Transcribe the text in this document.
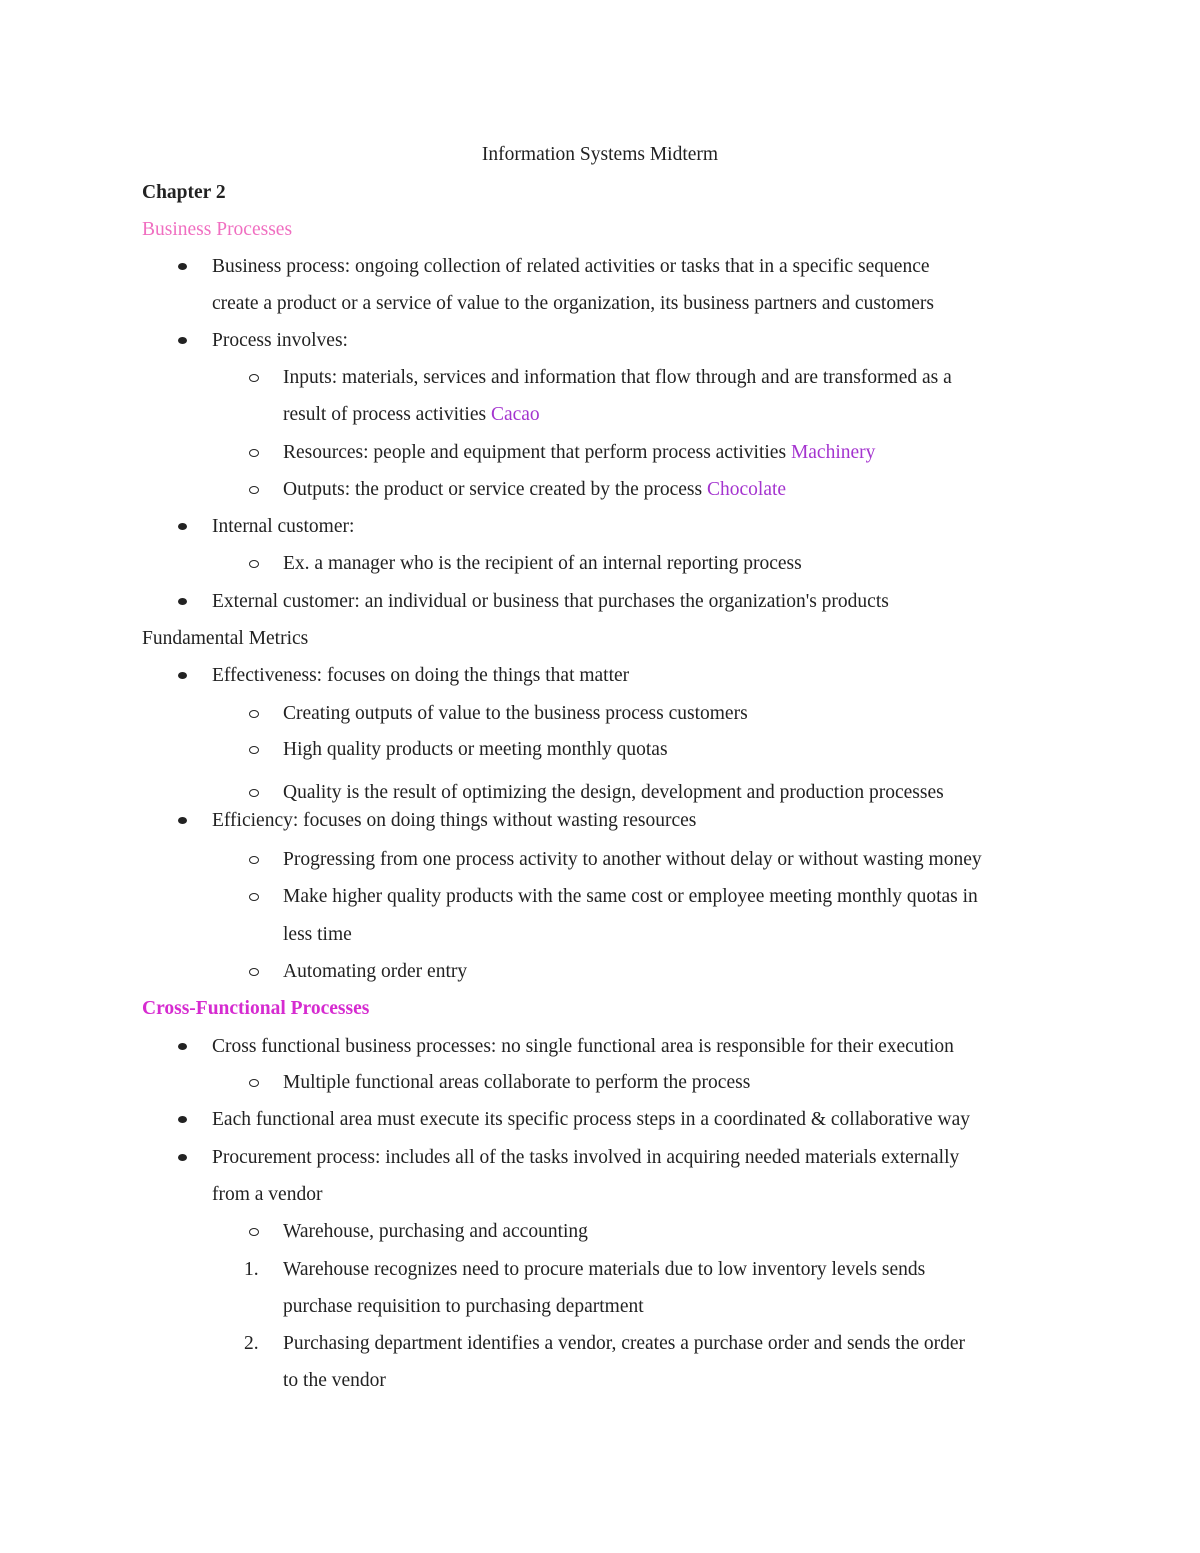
Information Systems Midterm
Chapter 2
Business Processes
Business process: ongoing collection of related activities or tasks that in a specific sequence
create a product or a service of value to the organization, its business partners and customers
Process involves:
Inputs: materials, services and information that flow through and are transformed as a
result of process activities Cacao
Resources: people and equipment that perform process activities Machinery
Outputs: the product or service created by the process Chocolate
Internal customer:
Ex. a manager who is the recipient of an internal reporting process
External customer: an individual or business that purchases the organization's products
Fundamental Metrics
Effectiveness: focuses on doing the things that matter
Creating outputs of value to the business process customers
High quality products or meeting monthly quotas
Quality is the result of optimizing the design, development and production processes
Efficiency: focuses on doing things without wasting resources
Progressing from one process activity to another without delay or without wasting money
Make higher quality products with the same cost or employee meeting monthly quotas in
less time
Automating order entry
Cross-Functional Processes
Cross functional business processes: no single functional area is responsible for their execution
Multiple functional areas collaborate to perform the process
Each functional area must execute its specific process steps in a coordinated & collaborative way
Procurement process: includes all of the tasks involved in acquiring needed materials externally
from a vendor
Warehouse, purchasing and accounting
1. Warehouse recognizes need to procure materials due to low inventory levels sends
purchase requisition to purchasing department
2. Purchasing department identifies a vendor, creates a purchase order and sends the order
to the vendor
